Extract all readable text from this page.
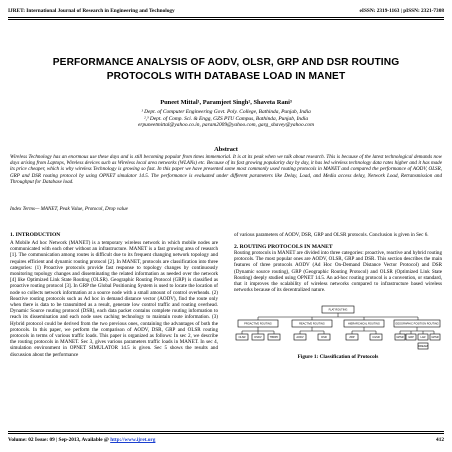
IJRET: International Journal of Research in Engineering and Technology	eISSN: 2319-1163 | pISSN: 2321-7308
PERFORMANCE ANALYSIS OF AODV, OLSR, GRP AND DSR ROUTING PROTOCOLS WITH DATABASE LOAD IN MANET
Puneet Mittal¹, Paramjeet Singh², Shaveta Rani³
¹ Dept. of Computer Engineering Govt. Poly. College, Bathinda, Punjab, India
²,³ Dept. of Comp. Sci. & Engg, GZS PTU Campus, Bathinda, Punjab, India
erpuneetmittal@yahoo.co.in, param2009@yahoo.com, garg_shavey@yahoo.com
Abstract
Wireless Technology has an enormous use these days and is still becoming popular from times immemorial. It is at its peak when we talk about research. This is because of the latest technological demands now days arising from Laptops, Wireless devices such as Wireless local area networks (WLANs) etc. Because of its fast growing popularity day by day, it has led wireless technology data rates higher and it has made its price cheaper, which is why wireless Technology is growing so fast. In this paper we have presented some most commonly used routing protocols in MANET and compared the performance of AODV, OLSR, GRP and DSR routing protocol by using OPNET simulator 14.5. The performance is evaluated under different parameters like Delay, Load, and Media access delay, Network Load, Retransmission and Throughput for Database load.
Index Terms— MANET, Peak Value, Protocol, Drop value
1. INTRODUCTION
A Mobile Ad hoc Network (MANET) is a temporary wireless network in which mobile nodes are communicated with each other without an infrastructure. MANET is a fast growing area of research [1]. The communication among routes is difficult due to its frequent changing network topology and requires efficient and dynamic routing protocol [2]. In MANET, protocols are classification into three categories: (1) Proactive protocols provide fast response to topology changes by continuously monitoring topology changes and disseminating the related information as needed over the network [4] like Optimized Link State Routing (OLSR). Geographic Routing Protocol (GRP) is classified as proactive routing protocol [3]. In GRP the Global Positioning System is used to locate the location of node so collects network information at a source node with a small amount of control overheads. (2) Reactive routing protocols such as Ad hoc in demand distance vector (AODV), find the route only when there is data to be transmitted as a result, generate low control traffic and routing overhead. Dynamic Source routing protocol (DSR), each data packet contains complete routing information to reach its dissemination and each node uses caching technology to maintain route information. (3) Hybrid protocol could be derived from the two previous ones, containing the advantages of both the protocols. In this paper, we perform the comparison of AODV, DSR, GRP and OLSR routing protocols in terms of various traffic loads. This paper is organized as follows: In sec 2, we describe the routing protocols in MANET. Sec 3, gives various parameters traffic loads in MANET. In sec 4, simulation environment in OPNET SIMULATOR 14.5 is given. Sec 5 shows the results and discussion about the performance
of various parameters of AODV, DSR, GRP and OLSR protocols. Conclusion is given in Sec 6.
2. ROUTING PROTOCOLS IN MANET
Routing protocols in MANET are divided into three categories: proactive, reactive and hybrid routing protocols. The most popular ones are AODV, OLSR, GRP and DSR. This section describes the main features of three protocols AODV (Ad Hoc On-Demand Distance Vector Protocol) and DSR (Dynamic source routing), GRP (Geographic Routing Protocol) and OLSR (Optimized Link State Routing) deeply studied using OPNET 14.5. An ad-hoc routing protocol is a convention, or standard, that it improves the scalability of wireless networks compared to infrastructure based wireless networks because of its decentralized nature.
FLAT ROUTING
PROACTIVE ROUTING	REACTIVE ROUTING	HIERARCHICAL ROUTING	GEOGRAPHIC POSITION ROUTING
OLSR	DSDV	TBRPF	AODV	DSR	ZRP	CGSR	GPSR GRP	LAR
DREAM
GPSR
Figure 1: Classification of Protocols
Volume: 02 Issue: 09 | Sep-2013, Available @ http://www.ijret.org	412
